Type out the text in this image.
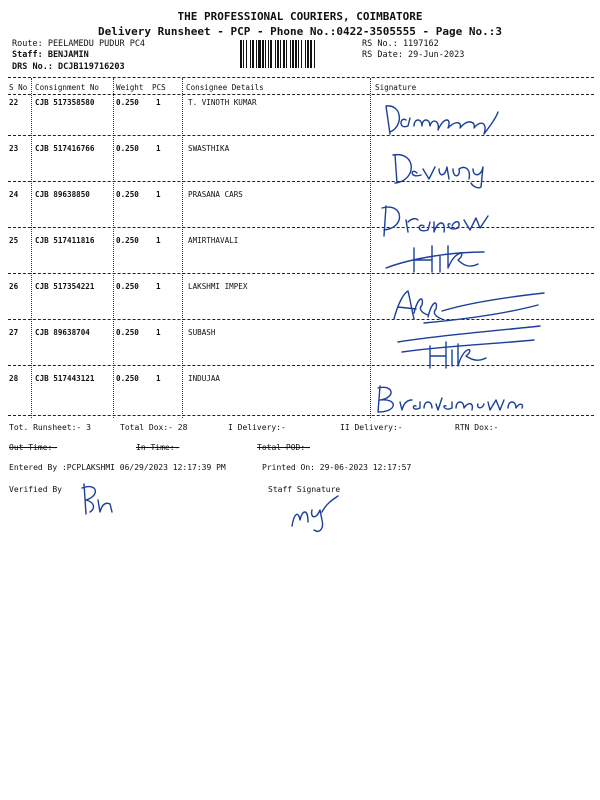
THE PROFESSIONAL COURIERS, COIMBATORE
Delivery Runsheet - PCP - Phone No.:0422-3505555 - Page No.:3
Route: PEELAMEDU PUDUR PC4
Staff: BENJAMIN
DRS No.: DCJB119716203
RS No.: 1197162
RS Date: 29-Jun-2023
S No Consignment No Weight PCS	Consignee Details	Signature
22 CJB 517358580	0.250 1	T. VINOTH KUMAR
23 CJB 517416766	0.250 1	SWASTHIKA
24 CJB 89638850	0.250 1	PRASANA CARS
25 CJB 517411816	0.250 1	AMIRTHAVALI
26 CJB 517354221	0.250 1	LAKSHMI IMPEX
27 CJB 89638704	0.250 1	SUBASH
28 CJB 517443121	0.250 1	INDUJAA
Tot. Runsheet:- 3	Total Dox:- 28	I Delivery:-	II Delivery:-	RTN Dox:-
Out Time:-	In Time:-	Total POD:-
Entered By :PCPLAKSHMI 06/29/2023 12:17:39 PM	Printed On: 29-06-2023 12:17:57
Verified By	Staff Signature
